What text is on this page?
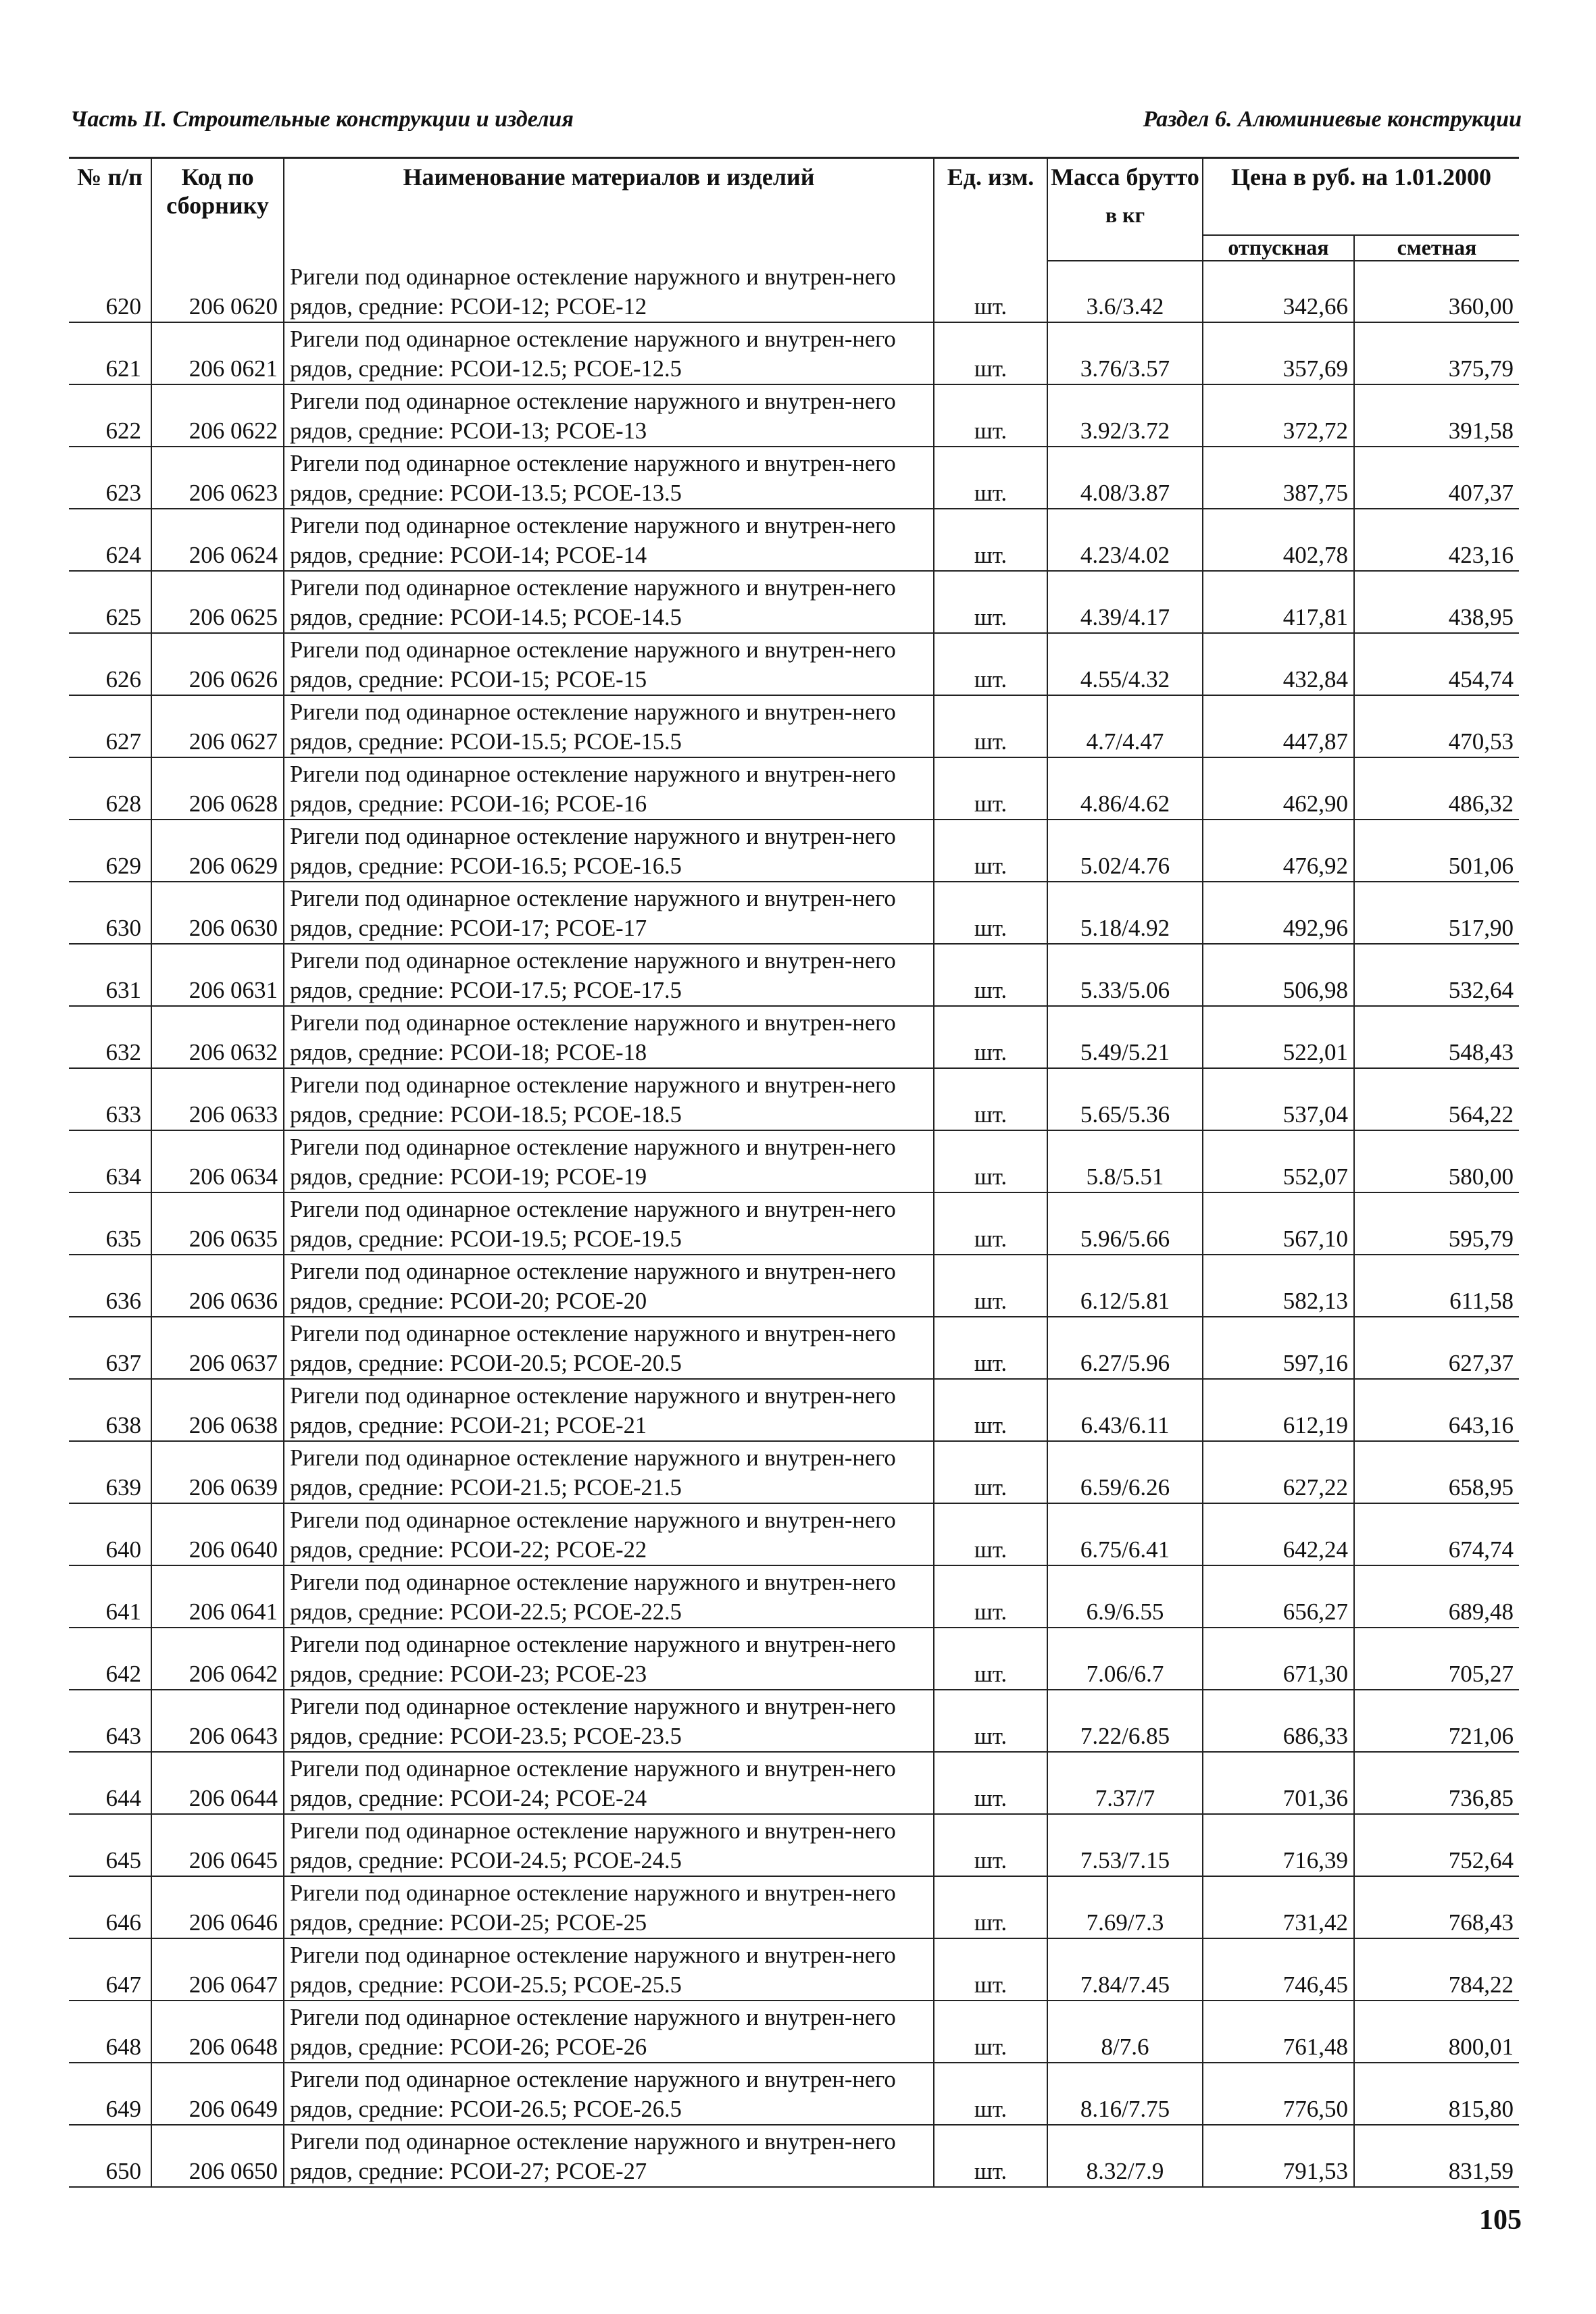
Часть II. Строительные конструкции и изделия	Раздел 6. Алюминиевые конструкции
№ п/п	Код по сборнику	Наименование материалов и изделий	Ед. изм.	Масса брутто
в кг	Цена в руб. на 1.01.2000	
					отпускная	сметная
620	206 0620	Ригели под одинарное остекление наружного и внутрен-него рядов, средние: РСОИ-12; РСОЕ-12	шт.	3.6/3.42	342,66	360,00
621	206 0621	Ригели под одинарное остекление наружного и внутрен-него рядов, средние: РСОИ-12.5; РСОЕ-12.5	шт.	3.76/3.57	357,69	375,79
622	206 0622	Ригели под одинарное остекление наружного и внутрен-него рядов, средние: РСОИ-13; РСОЕ-13	шт.	3.92/3.72	372,72	391,58
623	206 0623	Ригели под одинарное остекление наружного и внутрен-него рядов, средние: РСОИ-13.5; РСОЕ-13.5	шт.	4.08/3.87	387,75	407,37
624	206 0624	Ригели под одинарное остекление наружного и внутрен-него рядов, средние: РСОИ-14; РСОЕ-14	шт.	4.23/4.02	402,78	423,16
625	206 0625	Ригели под одинарное остекление наружного и внутрен-него рядов, средние: РСОИ-14.5; РСОЕ-14.5	шт.	4.39/4.17	417,81	438,95
626	206 0626	Ригели под одинарное остекление наружного и внутрен-него рядов, средние: РСОИ-15; РСОЕ-15	шт.	4.55/4.32	432,84	454,74
627	206 0627	Ригели под одинарное остекление наружного и внутрен-него рядов, средние: РСОИ-15.5; РСОЕ-15.5	шт.	4.7/4.47	447,87	470,53
628	206 0628	Ригели под одинарное остекление наружного и внутрен-него рядов, средние: РСОИ-16; РСОЕ-16	шт.	4.86/4.62	462,90	486,32
629	206 0629	Ригели под одинарное остекление наружного и внутрен-него рядов, средние: РСОИ-16.5; РСОЕ-16.5	шт.	5.02/4.76	476,92	501,06
630	206 0630	Ригели под одинарное остекление наружного и внутрен-него рядов, средние: РСОИ-17; РСОЕ-17	шт.	5.18/4.92	492,96	517,90
631	206 0631	Ригели под одинарное остекление наружного и внутрен-него рядов, средние: РСОИ-17.5; РСОЕ-17.5	шт.	5.33/5.06	506,98	532,64
632	206 0632	Ригели под одинарное остекление наружного и внутрен-него рядов, средние: РСОИ-18; РСОЕ-18	шт.	5.49/5.21	522,01	548,43
633	206 0633	Ригели под одинарное остекление наружного и внутрен-него рядов, средние: РСОИ-18.5; РСОЕ-18.5	шт.	5.65/5.36	537,04	564,22
634	206 0634	Ригели под одинарное остекление наружного и внутрен-него рядов, средние: РСОИ-19; РСОЕ-19	шт.	5.8/5.51	552,07	580,00
635	206 0635	Ригели под одинарное остекление наружного и внутрен-него рядов, средние: РСОИ-19.5; РСОЕ-19.5	шт.	5.96/5.66	567,10	595,79
636	206 0636	Ригели под одинарное остекление наружного и внутрен-него рядов, средние: РСОИ-20; РСОЕ-20	шт.	6.12/5.81	582,13	611,58
637	206 0637	Ригели под одинарное остекление наружного и внутрен-него рядов, средние: РСОИ-20.5; РСОЕ-20.5	шт.	6.27/5.96	597,16	627,37
638	206 0638	Ригели под одинарное остекление наружного и внутрен-него рядов, средние: РСОИ-21; РСОЕ-21	шт.	6.43/6.11	612,19	643,16
639	206 0639	Ригели под одинарное остекление наружного и внутрен-него рядов, средние: РСОИ-21.5; РСОЕ-21.5	шт.	6.59/6.26	627,22	658,95
640	206 0640	Ригели под одинарное остекление наружного и внутрен-него рядов, средние: РСОИ-22; РСОЕ-22	шт.	6.75/6.41	642,24	674,74
641	206 0641	Ригели под одинарное остекление наружного и внутрен-него рядов, средние: РСОИ-22.5; РСОЕ-22.5	шт.	6.9/6.55	656,27	689,48
642	206 0642	Ригели под одинарное остекление наружного и внутрен-него рядов, средние: РСОИ-23; РСОЕ-23	шт.	7.06/6.7	671,30	705,27
643	206 0643	Ригели под одинарное остекление наружного и внутрен-него рядов, средние: РСОИ-23.5; РСОЕ-23.5	шт.	7.22/6.85	686,33	721,06
644	206 0644	Ригели под одинарное остекление наружного и внутрен-него рядов, средние: РСОИ-24; РСОЕ-24	шт.	7.37/7	701,36	736,85
645	206 0645	Ригели под одинарное остекление наружного и внутрен-него рядов, средние: РСОИ-24.5; РСОЕ-24.5	шт.	7.53/7.15	716,39	752,64
646	206 0646	Ригели под одинарное остекление наружного и внутрен-него рядов, средние: РСОИ-25; РСОЕ-25	шт.	7.69/7.3	731,42	768,43
647	206 0647	Ригели под одинарное остекление наружного и внутрен-него рядов, средние: РСОИ-25.5; РСОЕ-25.5	шт.	7.84/7.45	746,45	784,22
648	206 0648	Ригели под одинарное остекление наружного и внутрен-него рядов, средние: РСОИ-26; РСОЕ-26	шт.	8/7.6	761,48	800,01
649	206 0649	Ригели под одинарное остекление наружного и внутрен-него рядов, средние: РСОИ-26.5; РСОЕ-26.5	шт.	8.16/7.75	776,50	815,80
650	206 0650	Ригели под одинарное остекление наружного и внутрен-него рядов, средние: РСОИ-27; РСОЕ-27	шт.	8.32/7.9	791,53	831,59
105
